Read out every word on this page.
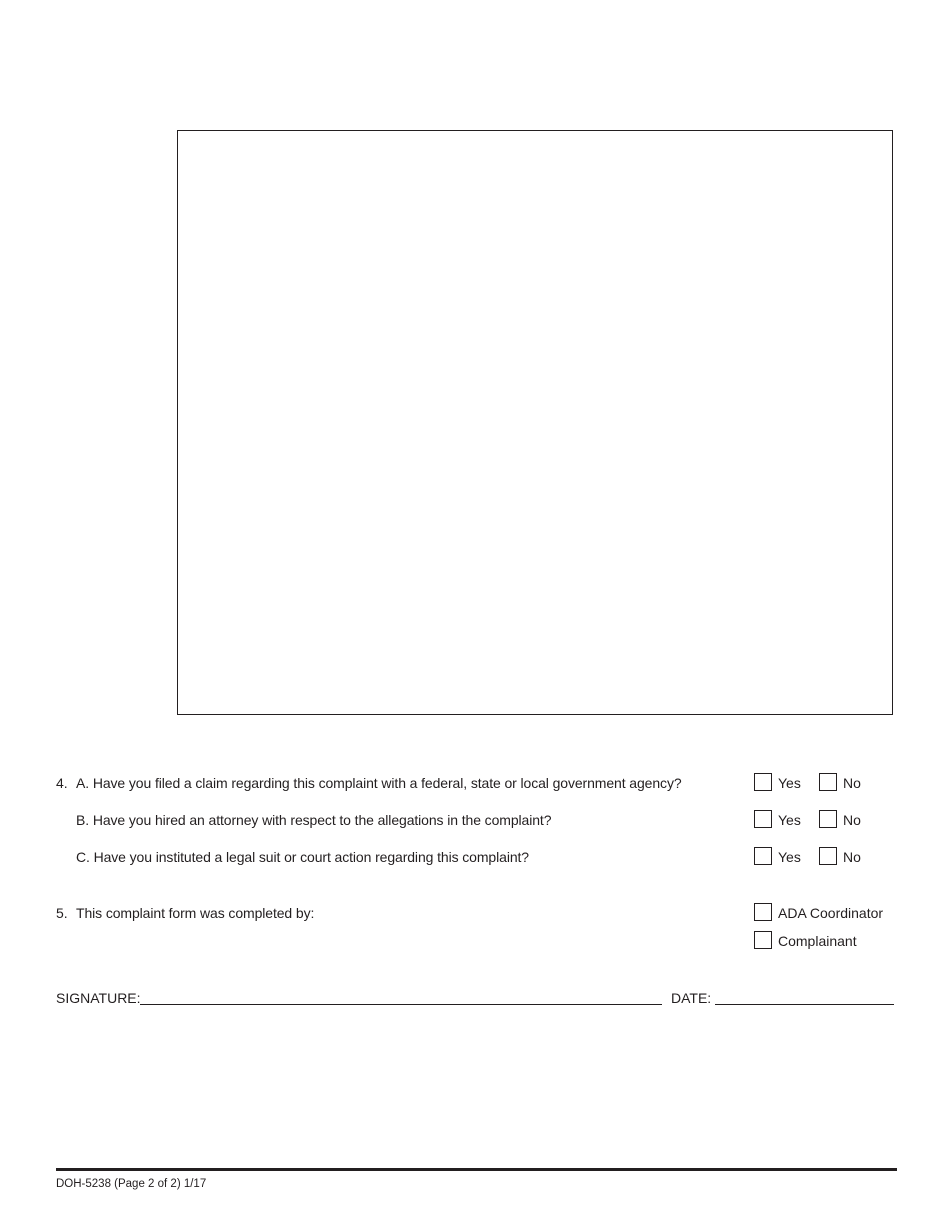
4. A. Have you filed a claim regarding this complaint with a federal, state or local government agency?	Yes	No
B. Have you hired an attorney with respect to the allegations in the complaint?	Yes	No
C. Have you instituted a legal suit or court action regarding this complaint?	Yes	No
5. This complaint form was completed by:	ADA Coordinator
Complainant
SIGNATURE:	DATE:
DOH-5238 (Page 2 of 2) 1/17
